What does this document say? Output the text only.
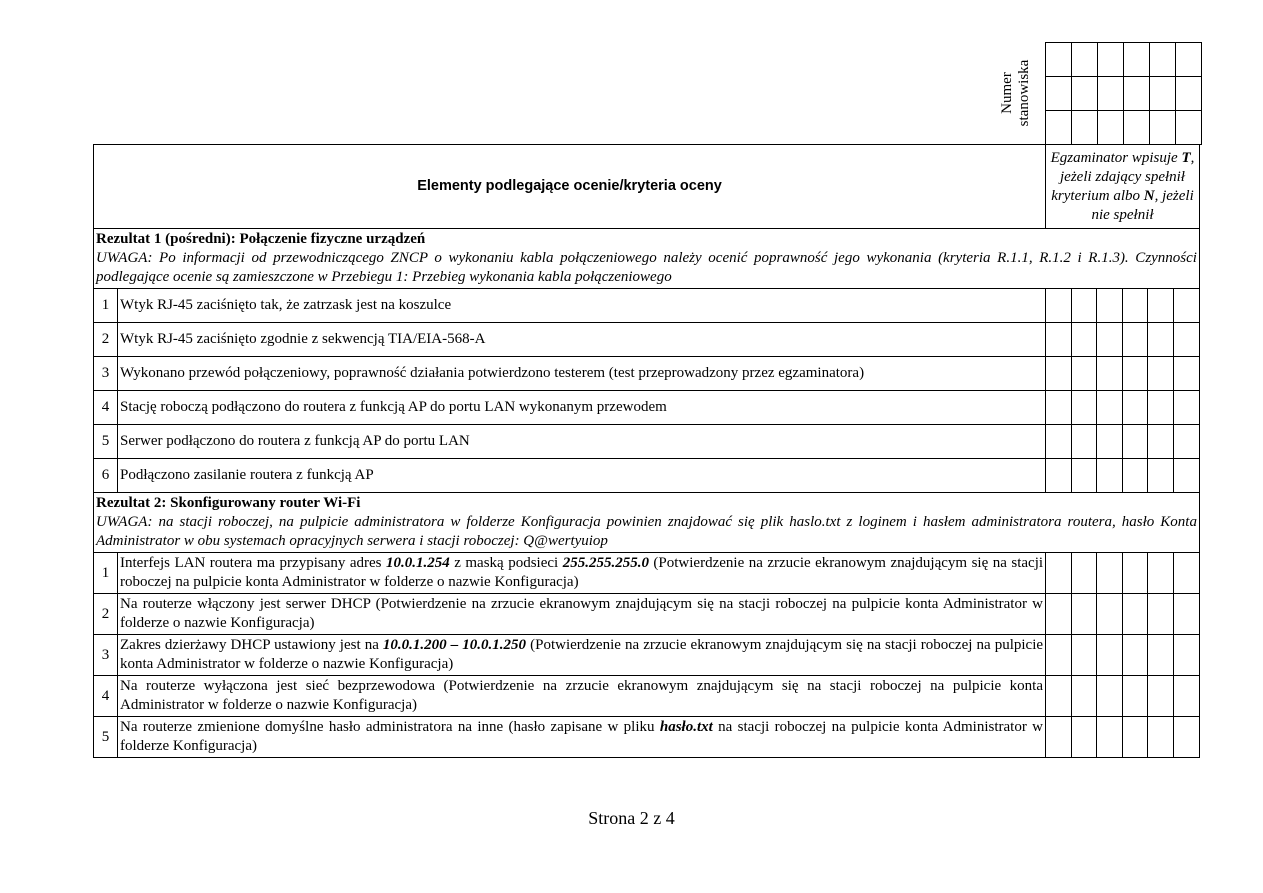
Numer
stanowiska

Elementy podlegające ocenie/kryteria oceny		Egzaminator wpisuje T, jeżeli zdający spełnił kryterium albo N, jeżeli nie spełnił					

Rezultat 1 (pośredni): Połączenie fizyczne urządzeń
UWAGA: Po informacji od przewodniczącego ZNCP o wykonaniu kabla połączeniowego należy ocenić poprawność jego wykonania (kryteria R.1.1, R.1.2 i R.1.3). Czynności podlegające ocenie są zamieszczone w Przebiegu 1: Przebieg wykonania kabla połączeniowego							

1	Wtyk RJ-45 zaciśnięto tak, że zatrzask jest na koszulce						
2	Wtyk RJ-45 zaciśnięto zgodnie z sekwencją TIA/EIA-568-A						
3	Wykonano przewód połączeniowy, poprawność działania potwierdzono testerem (test przeprowadzony przez egzaminatora)						
4	Stację roboczą podłączono do routera z funkcją AP do portu LAN wykonanym przewodem						
5	Serwer podłączono do routera z funkcją AP do portu LAN						
6	Podłączono zasilanie routera z funkcją AP						

Rezultat 2: Skonfigurowany router Wi-Fi
UWAGA: na stacji roboczej, na pulpicie administratora w folderze Konfiguracja powinien znajdować się plik haslo.txt z loginem i hasłem administratora routera, hasło Konta Administrator w obu systemach opracyjnych serwera i stacji roboczej: Q@wertyuiop							

1	Interfejs LAN routera ma przypisany adres 10.0.1.254 z maską podsieci 255.255.255.0 (Potwierdzenie na zrzucie ekranowym znajdującym się na stacji roboczej na pulpicie konta Administrator w folderze o nazwie Konfiguracja)						
2	Na routerze włączony jest serwer DHCP (Potwierdzenie na zrzucie ekranowym znajdującym się na stacji roboczej na pulpicie konta Administrator w folderze o nazwie Konfiguracja)						
3	Zakres dzierżawy DHCP ustawiony jest na 10.0.1.200 – 10.0.1.250 (Potwierdzenie na zrzucie ekranowym znajdującym się na stacji roboczej na pulpicie konta Administrator w folderze o nazwie Konfiguracja)						
4	Na routerze wyłączona jest sieć bezprzewodowa (Potwierdzenie na zrzucie ekranowym znajdującym się na stacji roboczej na pulpicie konta Administrator w folderze o nazwie Konfiguracja)						
5	Na routerze zmienione domyślne hasło administratora na inne (hasło zapisane w pliku hasło.txt na stacji roboczej na pulpicie konta Administrator w folderze Konfiguracja)						
Strona 2 z 4
